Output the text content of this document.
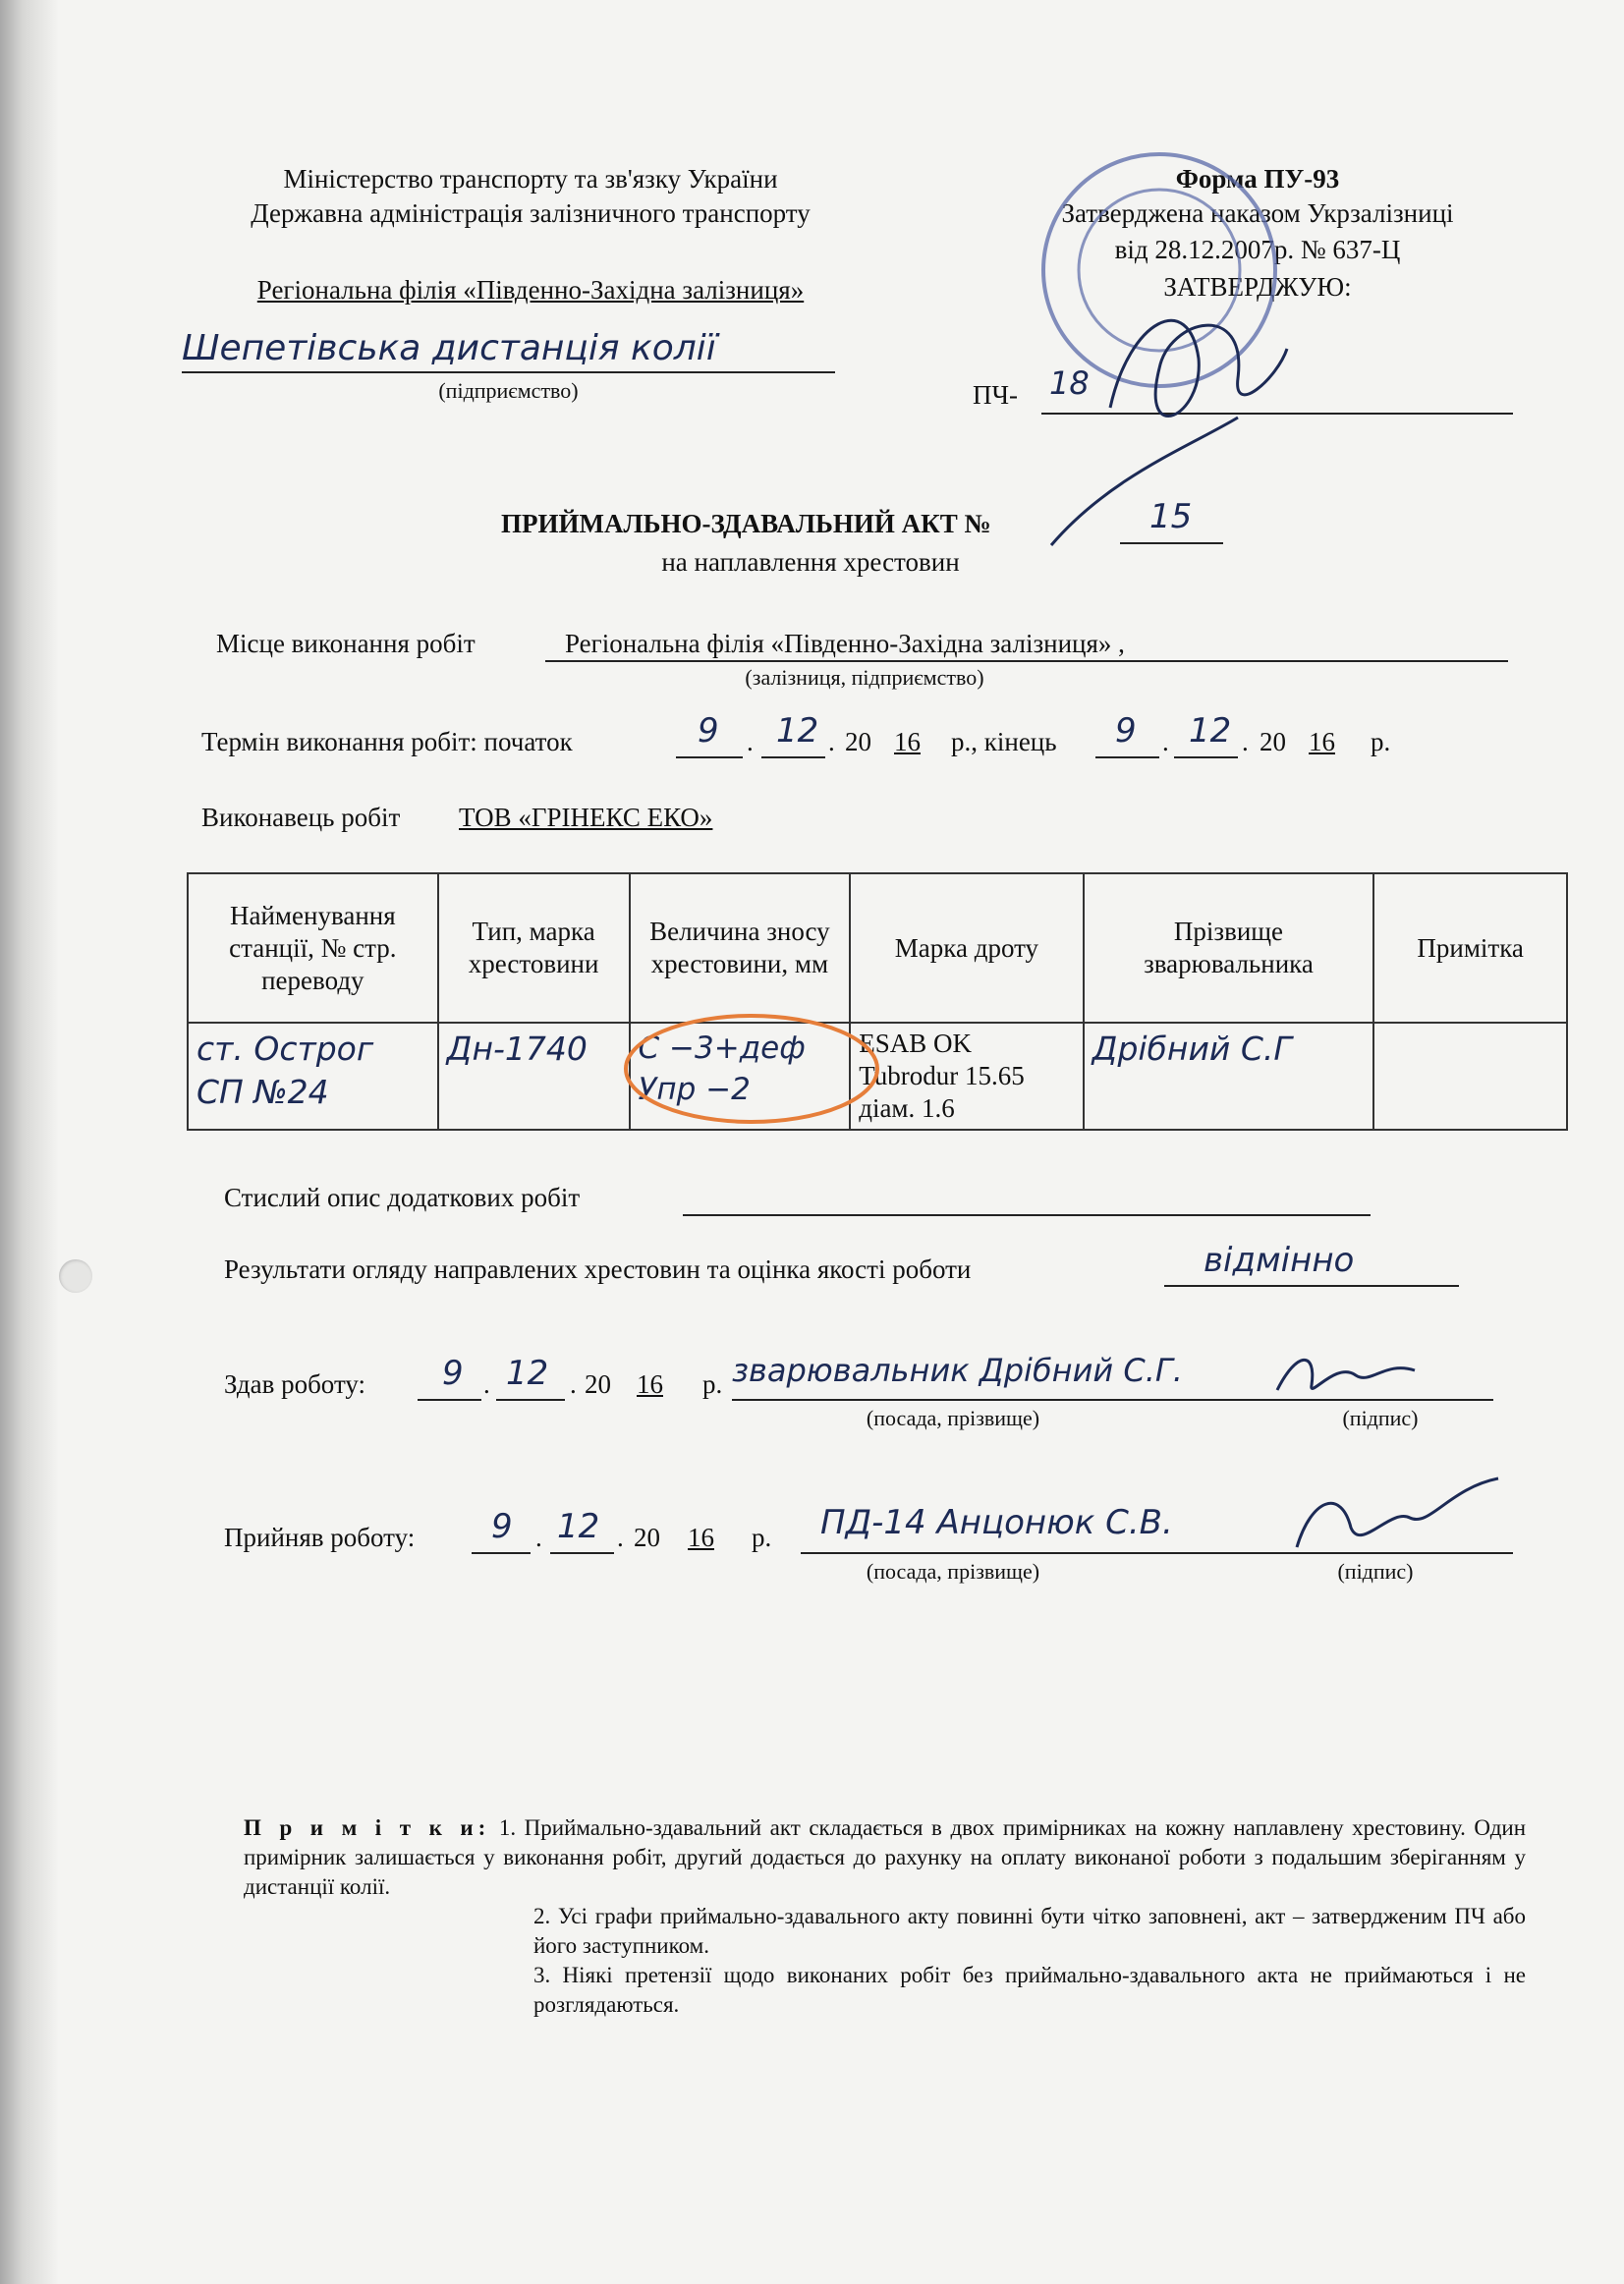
Міністерство транспорту та зв'язку України
Державна адміністрація залізничного транспорту
Регіональна філія «Південно-Західна залізниця»
Шепетівська дистанція колії
(підприємство)
Форма ПУ-93
Затверджена наказом Укрзалізниці
від 28.12.2007р. № 637-Ц
ЗАТВЕРДЖУЮ:
ПЧ- 18
ПРИЙМАЛЬНО-ЗДАВАЛЬНИЙ АКТ №	15
на наплавлення хрестовин
Місце виконання робіт	Регіональна філія «Південно-Західна залізниця» ,
(залізниця, підприємство)
Термін виконання робіт: початок	9 . 12 . 20 16 р., кінець 9 . 12 . 20 16 р.
Виконавець робіт ТОВ «ГРІНЕКС ЕКО»
Найменування станції, № стр. переводу	Тип, марка хрестовини	Величина зносу хрестовини, мм	Марка дроту	Прізвище зварювальника	Примітка

ст. Острог СП №24	Дн-1740	С −3+деф Упр −2	ESAB OK Tubrodur 15.65 діам. 1.6	Дрібний С.Г	

Стислий опис додаткових робіт
Результати огляду направлених хрестовин та оцінка якості роботи	відмінно
Здав роботу: 9 . 12 . 20 16 р. зварювальник Дрібний С.Г.
(посада, прізвище)	(підпис)
Прийняв роботу: 9 . 12 . 20 16 р. ПД-14 Анцонюк С.В.
(посада, прізвище)	(підпис)

П р и м і т к и: 1. Приймально-здавальний акт складається в двох примірниках на кожну наплавлену хрестовину. Один примірник залишається у виконання робіт, другий додається до рахунку на оплату виконаної роботи з подальшим зберіганням у дистанції колії.

2. Усі графи приймально-здавального акту повинні бути чітко заповнені, акт – затвердженим ПЧ або його заступником.

3. Ніякі претензії щодо виконаних робіт без приймально-здавального акта не приймаються і не розглядаються.
